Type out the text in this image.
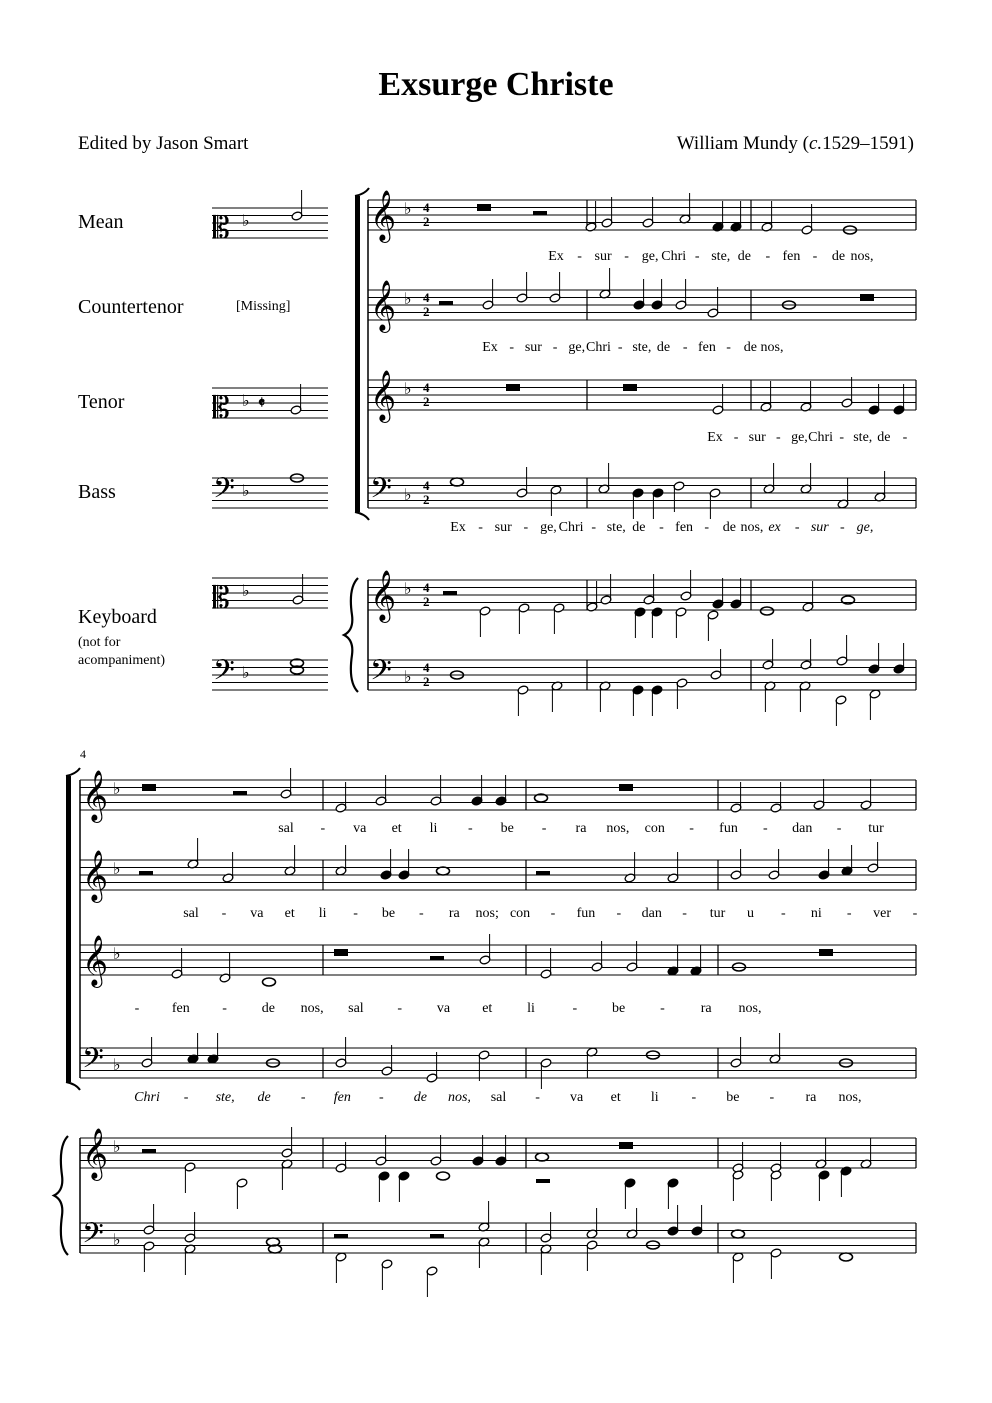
Exsurge Christe
Edited by Jason Smart	William Mundy (c.1529–1591)
Mean
Countertenor
Tenor
Bass
Keyboard
(not for
acompaniment)
[Missing]
𝄡
𝄡
𝄢
𝄡
𝄢
𝄞
𝄞
𝄞
𝄢
𝄞
𝄢
𝄞
𝄞
𝄞
𝄢
𝄞
𝄢
♭
♭
♭
♭
♭
𝄵
♭ 4
2
♭ 4
2
♭ 4
2
♭
4
2
♭ 4
2
♭
4
2
♭
♭
♭
♭
♭
♭
Ex - sur - ge, Chri - ste, de - fen - de nos,
Ex - sur - ge, Chri - ste, de - fen - de nos,
Ex - sur - ge, Chri - ste, de -
Ex - sur - ge, Chri - ste, de - fen - de nos, ex - sur - ge,
sal - va et li - be - ra nos, con - fun - dan - tur
sal - va et li - be - ra nos; con - fun - dan - tur u - ni - ver -
- fen - de nos, sal - va et li	- be -	ra nos,
Chri - ste, de - fen - de nos, sal - va et li - be - ra nos,
4
